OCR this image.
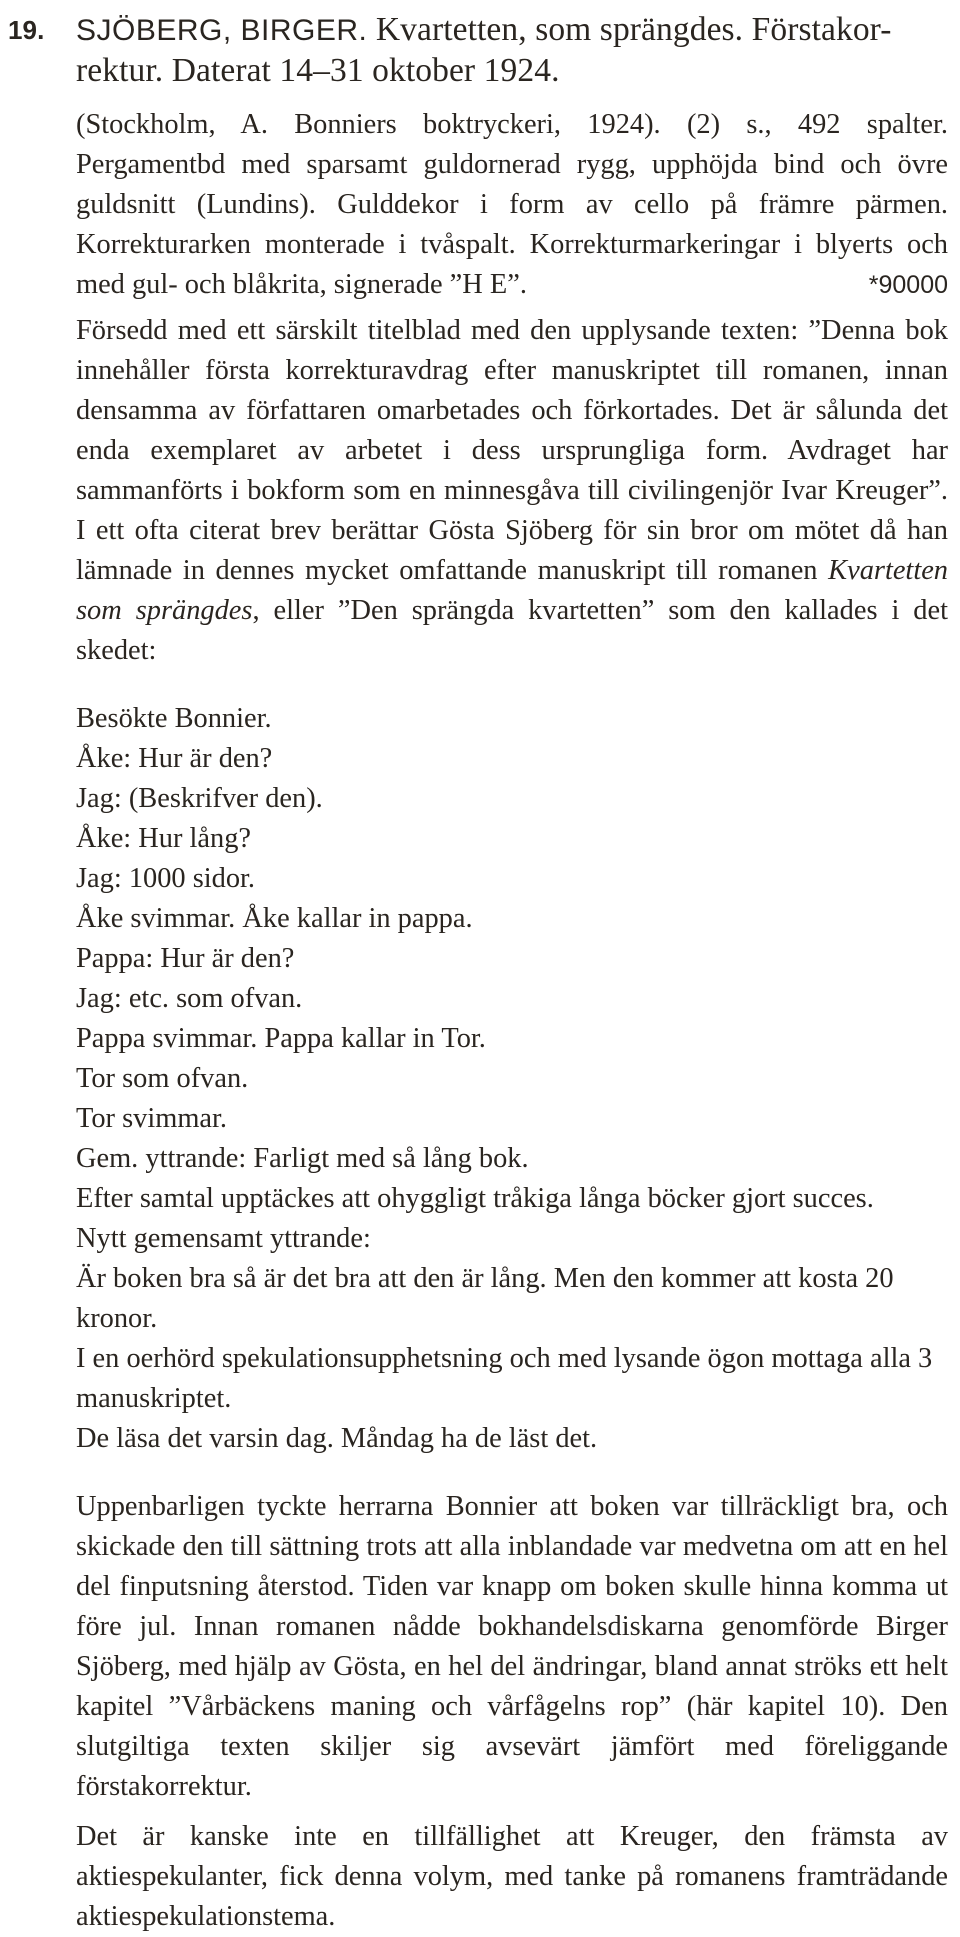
19. SJÖBERG, BIRGER. Kvartetten, som sprängdes. Förstakor-
rektur. Daterat 14–31 oktober 1924.
(Stockholm, A. Bonniers boktryckeri, 1924). (2) s., 492 spalter. Pergamentbd med sparsamt guldornerad rygg, upphöjda bind och övre guldsnitt (Lundins). Gulddekor i form av cello på främre pärmen. Korrekturarken monterade i tvåspalt. Korrekturmarkeringar i blyerts och med gul- och blåkrita, signerade ”H E”.	*90000
Försedd med ett särskilt titelblad med den upplysande texten: ”Denna bok innehåller första korrekturavdrag efter manuskriptet till romanen, innan densamma av författaren omarbetades och förkortades. Det är sålunda det enda exemplaret av arbetet i dess ursprungliga form. Avdraget har sammanförts i bokform som en minnesgåva till civilingenjör Ivar Kreuger”. I ett ofta citerat brev berättar Gösta Sjöberg för sin bror om mötet då han lämnade in dennes mycket omfattande manuskript till romanen Kvartetten som sprängdes, eller ”Den sprängda kvartetten” som den kallades i det skedet:
Besökte Bonnier.
Åke: Hur är den?
Jag: (Beskrifver den).
Åke: Hur lång?
Jag: 1000 sidor.
Åke svimmar. Åke kallar in pappa.
Pappa: Hur är den?
Jag: etc. som ofvan.
Pappa svimmar. Pappa kallar in Tor.
Tor som ofvan.
Tor svimmar.
Gem. yttrande: Farligt med så lång bok.
Efter samtal upptäckes att ohyggligt tråkiga långa böcker gjort succes.
Nytt gemensamt yttrande:
Är boken bra så är det bra att den är lång. Men den kommer att kosta 20 kronor.
I en oerhörd spekulationsupphetsning och med lysande ögon mottaga alla 3 manuskriptet.
De läsa det varsin dag. Måndag ha de läst det.
Uppenbarligen tyckte herrarna Bonnier att boken var tillräckligt bra, och skickade den till sättning trots att alla inblandade var medvetna om att en hel del finputsning återstod. Tiden var knapp om boken skulle hinna komma ut före jul. Innan romanen nådde bokhandelsdiskarna genomförde Birger Sjöberg, med hjälp av Gösta, en hel del ändringar, bland annat ströks ett helt kapitel ”Vårbäckens maning och vårfågelns rop” (här kapitel 10). Den slutgiltiga texten skiljer sig avsevärt jämfört med föreliggande förstakorrektur.
Det är kanske inte en tillfällighet att Kreuger, den främsta av aktiespekulanter, fick denna volym, med tanke på romanens framträdande aktiespekulationstema.
